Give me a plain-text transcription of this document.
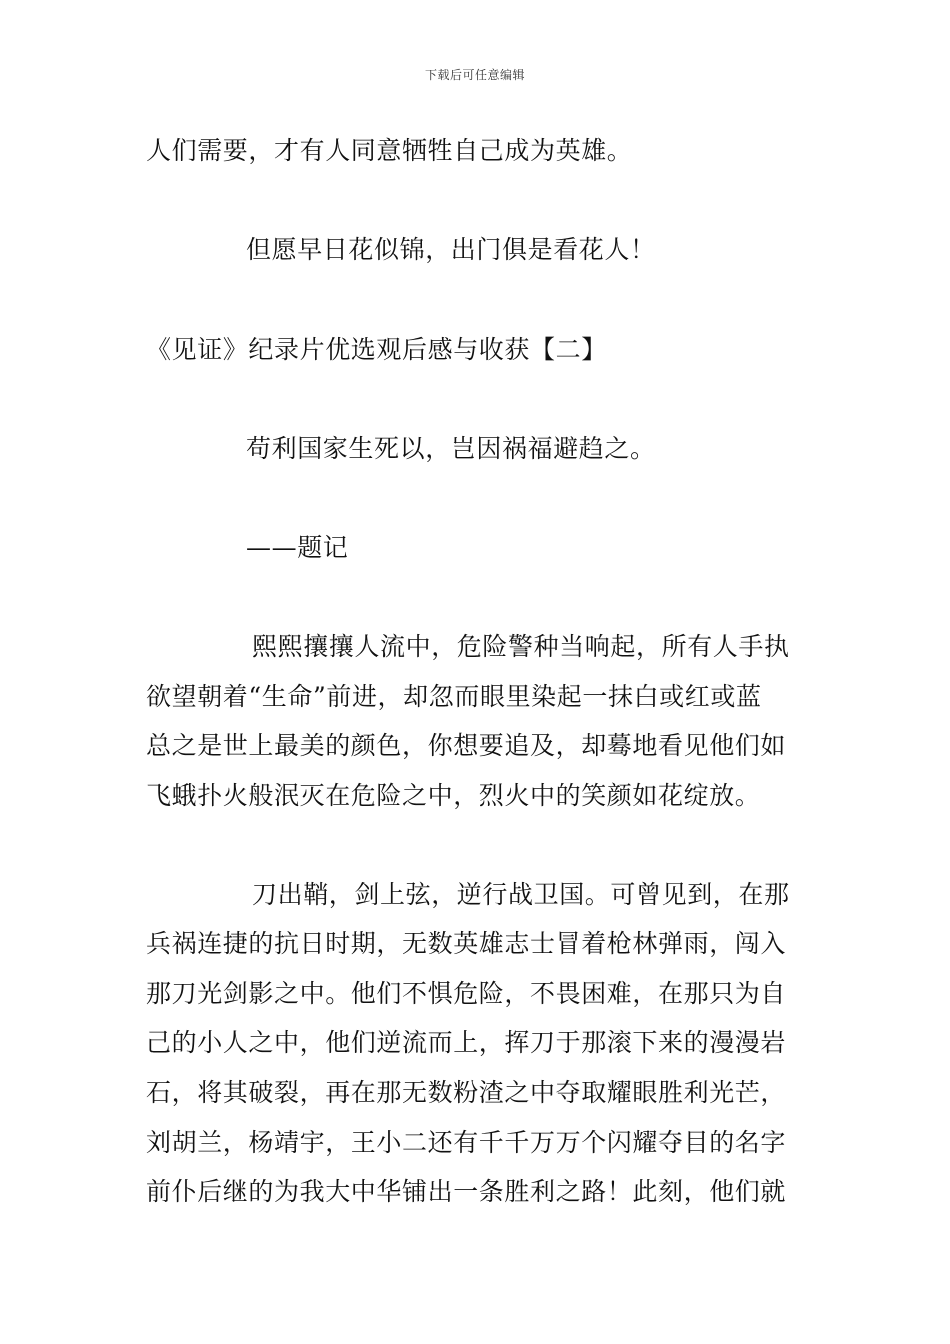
下载后可任意编辑
人们需要，才有人同意牺牲自己成为英雄。
但愿早日花似锦，出门俱是看花人！
《见证》纪录片优选观后感与收获【二】
苟利国家生死以，岂因祸福避趋之。
——题记
熙熙攘攘人流中，危险警种当响起，所有人手执
欲望朝着“生命”前进，却忽而眼里染起一抹白或红或蓝
总之是世上最美的颜色，你想要追及，却蓦地看见他们如
飞蛾扑火般泯灭在危险之中，烈火中的笑颜如花绽放。
刀出鞘，剑上弦，逆行战卫国。可曾见到，在那
兵祸连捷的抗日时期，无数英雄志士冒着枪林弹雨，闯入
那刀光剑影之中。他们不惧危险，不畏困难，在那只为自
己的小人之中，他们逆流而上，挥刀于那滚下来的漫漫岩
石，将其破裂，再在那无数粉渣之中夺取耀眼胜利光芒，
刘胡兰，杨靖宇，王小二还有千千万万个闪耀夺目的名字
前仆后继的为我大中华铺出一条胜利之路！此刻，他们就
